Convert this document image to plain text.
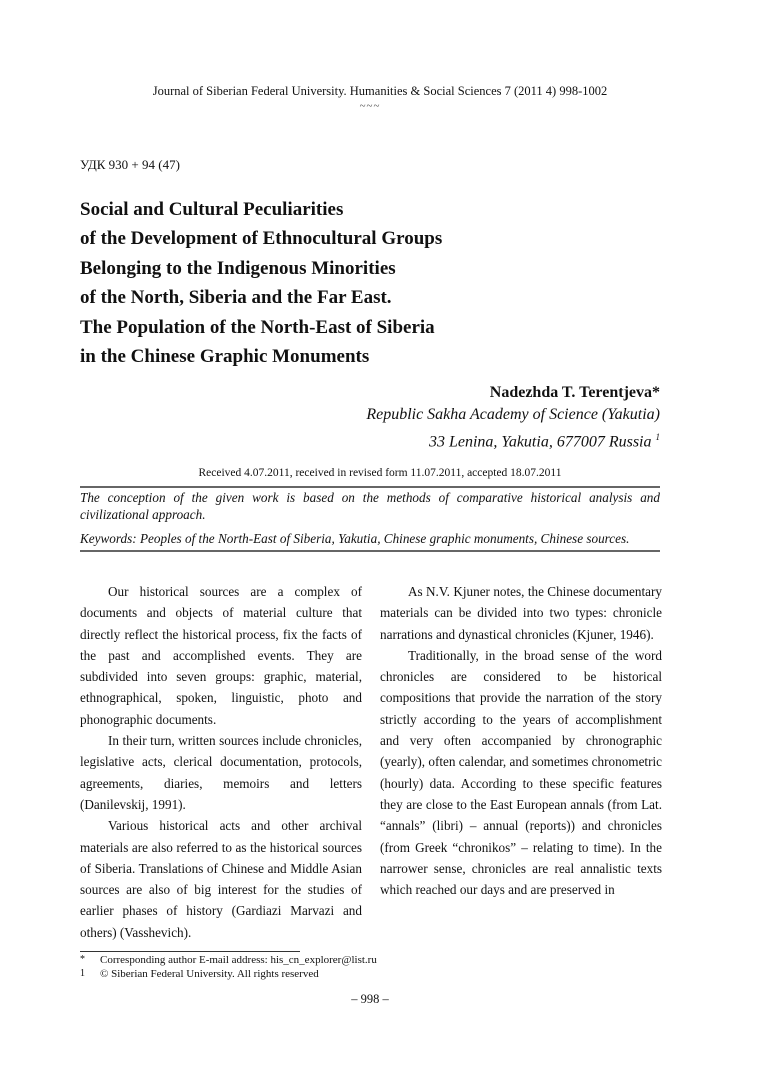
Journal of Siberian Federal University. Humanities & Social Sciences 7 (2011 4) 998-1002
~~~
УДК 930 + 94 (47)
Social and Cultural Peculiarities
of the Development of Ethnocultural Groups
Belonging to the Indigenous Minorities
of the North, Siberia and the Far East.
The Population of the North-East of Siberia
in the Chinese Graphic Monuments
Nadezhda T. Terentjeva*
Republic Sakha Academy of Science (Yakutia)
33 Lenina, Yakutia, 677007 Russia $^1$
Received 4.07.2011, received in revised form 11.07.2011, accepted 18.07.2011

The conception of the given work is based on the methods of comparative historical analysis and civilizational approach.

Keywords: Peoples of the North-East of Siberia, Yakutia, Chinese graphic monuments, Chinese sources.

Our historical sources are a complex of documents and objects of material culture that directly reflect the historical process, fix the facts of the past and accomplished events. They are subdivided into seven groups: graphic, material, ethnographical, spoken, linguistic, photo and phonographic documents.

In their turn, written sources include chronicles, legislative acts, clerical documentation, protocols, agreements, diaries, memoirs and letters (Danilevskij, 1991).

Various historical acts and other archival materials are also referred to as the historical sources of Siberia. Translations of Chinese and Middle Asian sources are also of big interest for the studies of earlier phases of history (Gardiazi Marvazi and others) (Vasshevich).

As N.V. Kjuner notes, the Chinese documentary materials can be divided into two types: chronicle narrations and dynastical chronicles (Kjuner, 1946).

Traditionally, in the broad sense of the word chronicles are considered to be historical compositions that provide the narration of the story strictly according to the years of accomplishment and very often accompanied by chronographic (yearly), often calendar, and sometimes chronometric (hourly) data. According to these specific features they are close to the East European annals (from Lat. “annals” (libri) – annual (reports)) and chronicles (from Greek “chronikos” – relating to time). In the narrower sense, chronicles are real annalistic texts which reached our days and are preserved in

* Corresponding author E-mail address: his_cn_explorer@list.ru
1 © Siberian Federal University. All rights reserved
– 998 –
